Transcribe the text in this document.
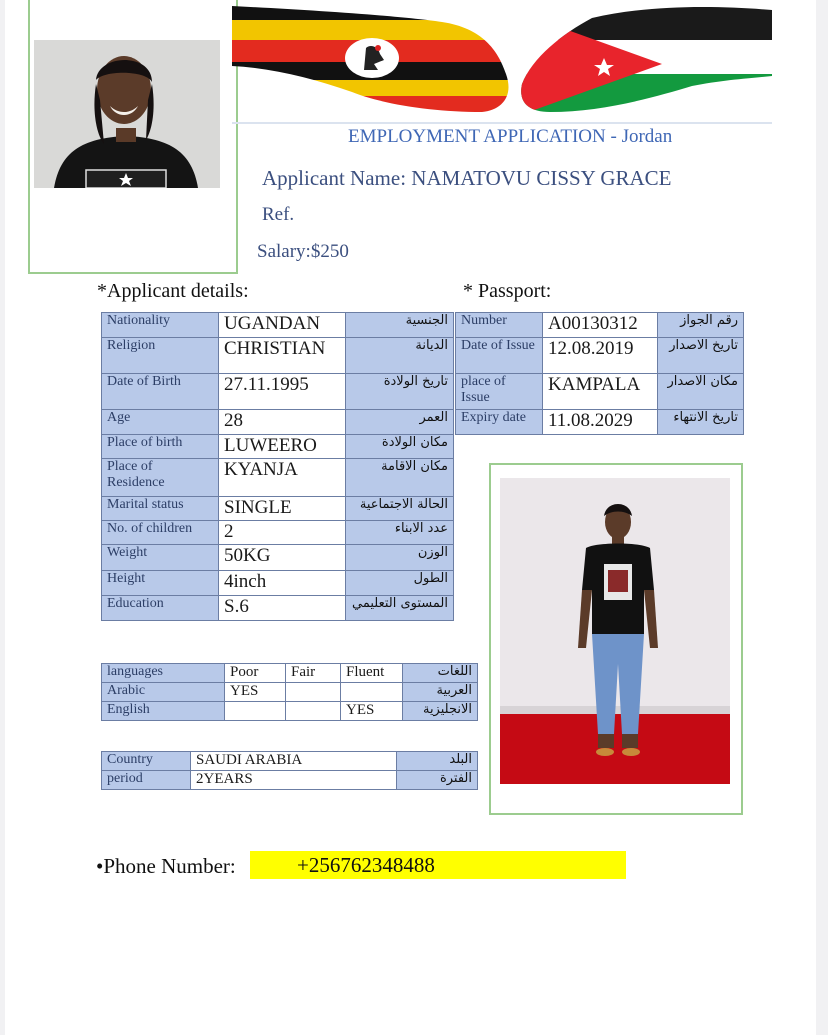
EMPLOYMENT APPLICATION - Jordan
Applicant Name: NAMATOVU CISSY GRACE
Ref.
Salary:$250
*Applicant details:	* Passport:
Nationality	UGANDAN	الجنسية
Religion	CHRISTIAN	الديانة
Date of Birth	27.11.1995	تاريخ الولادة
Age	28	العمر
Place of birth	LUWEERO	مكان الولادة
Place of Residence	KYANJA	مكان الاقامة
Marital status	SINGLE	الحالة الاجتماعية
No. of children	2	عدد الابناء
Weight	50KG	الوزن
Height	4inch	الطول
Education	S.6	المستوى التعليمي
Number	A00130312	رقم الجواز
Date of Issue	12.08.2019	تاريخ الاصدار
place of Issue	KAMPALA	مكان الاصدار
Expiry date	11.08.2029	تاريخ الانتهاء
languages	Poor	Fair	Fluent	اللغات
Arabic	YES			العربية
English			YES	الانجليزية
Country	SAUDI ARABIA	البلد
period	2YEARS	الفترة
•Phone Number:	+256762348488
